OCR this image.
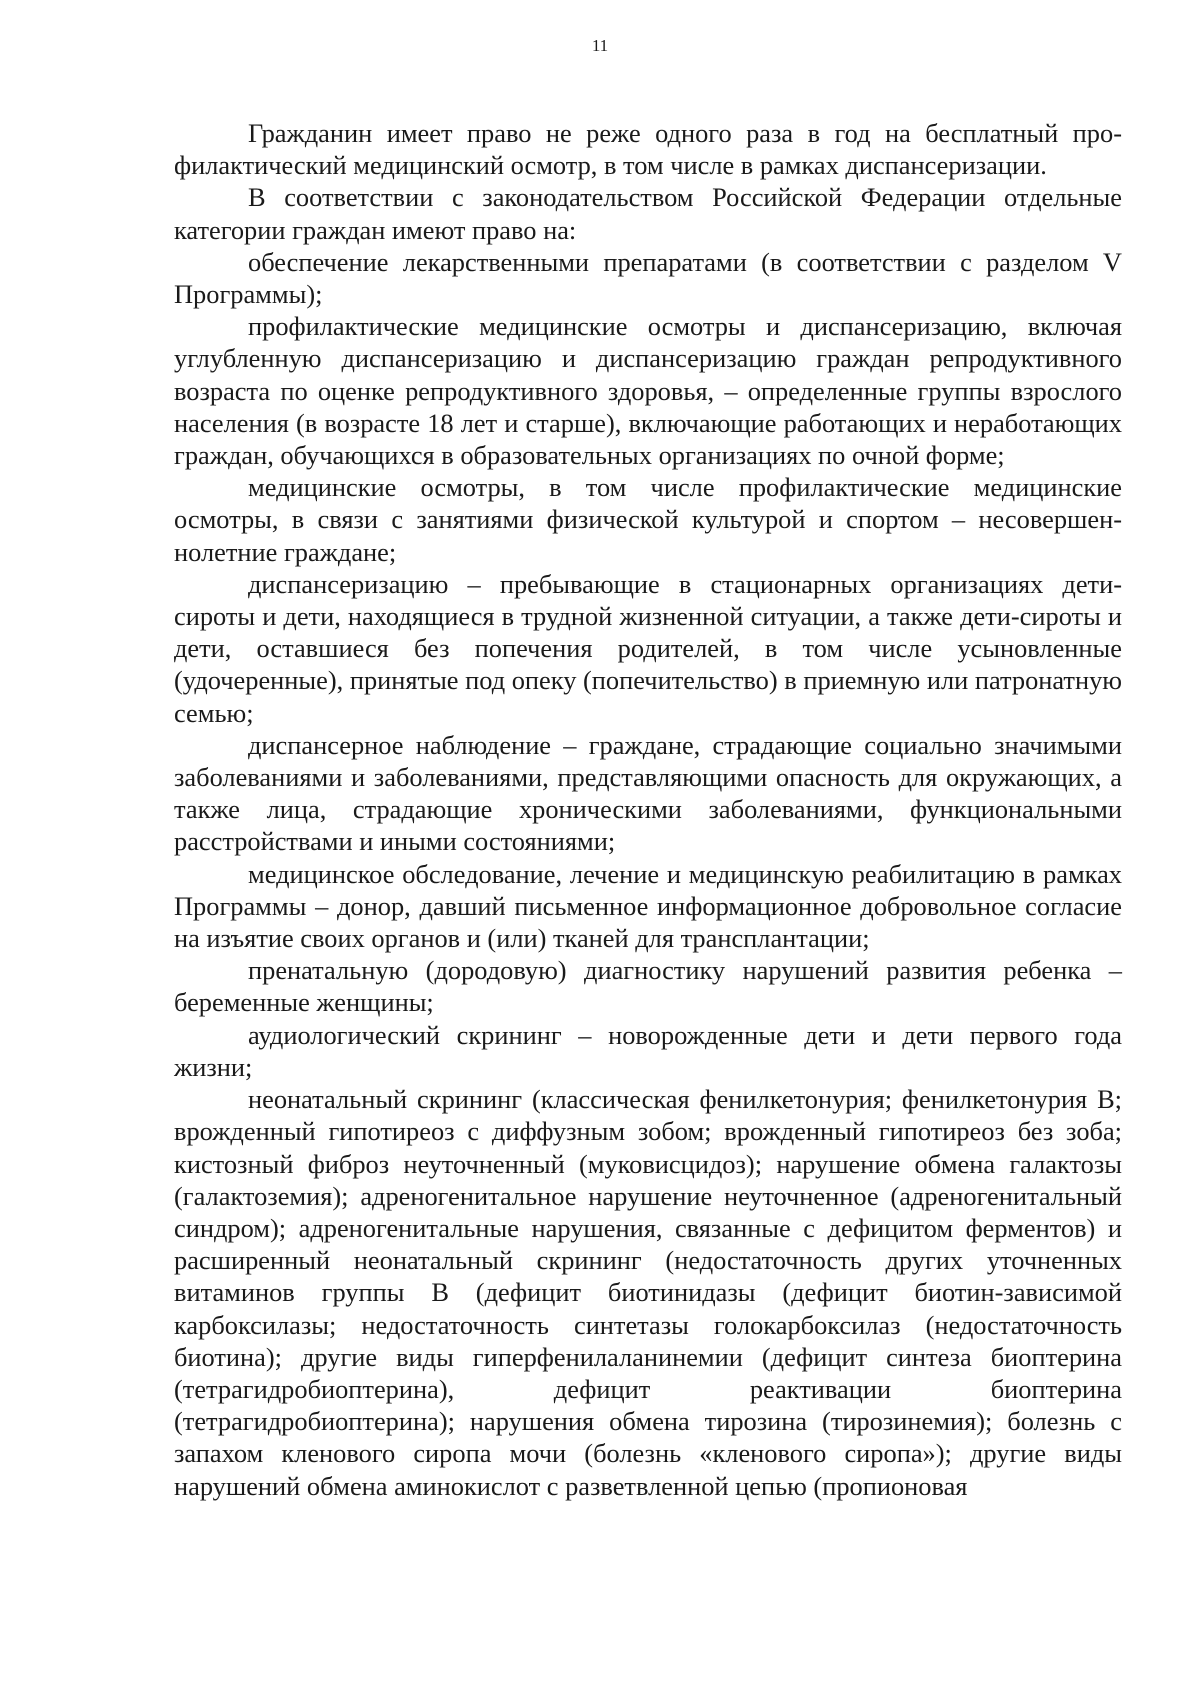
11

Гражданин имеет право не реже одного раза в год на бесплатный профилактический медицинский осмотр, в том числе в рамках диспансеризации.

В соответствии с законодательством Российской Федерации отдельные категории граждан имеют право на:

обеспечение лекарственными препаратами (в соответствии с разделом V Программы);

профилактические медицинские осмотры и диспансеризацию, включая углубленную диспансеризацию и диспансеризацию граждан репродуктивного возраста по оценке репродуктивного здоровья, – определенные группы взрослого населения (в возрасте 18 лет и старше), включающие работающих и неработающих граждан, обучающихся в образовательных организациях по очной форме;

медицинские осмотры, в том числе профилактические медицинские осмотры, в связи с занятиями физической культурой и спортом – несовершеннолетние граждане;

диспансеризацию – пребывающие в стационарных организациях дети-сироты и дети, находящиеся в трудной жизненной ситуации, а также дети-сироты и дети, оставшиеся без попечения родителей, в том числе усыновленные (удочеренные), принятые под опеку (попечительство) в приемную или патронатную семью;

диспансерное наблюдение – граждане, страдающие социально значимыми заболеваниями и заболеваниями, представляющими опасность для окружающих, а также лица, страдающие хроническими заболеваниями, функциональными расстройствами и иными состояниями;

медицинское обследование, лечение и медицинскую реабилитацию в рамках Программы – донор, давший письменное информационное добровольное согласие на изъятие своих органов и (или) тканей для трансплантации;

пренатальную (дородовую) диагностику нарушений развития ребенка – беременные женщины;

аудиологический скрининг – новорожденные дети и дети первого года жизни;

неонатальный скрининг (классическая фенилкетонурия; фенилкетонурия B; врожденный гипотиреоз с диффузным зобом; врожденный гипотиреоз без зоба; кистозный фиброз неуточненный (муковисцидоз); нарушение обмена галактозы (галактоземия); адреногенитальное нарушение неуточненное (адреногенитальный синдром); адреногенитальные нарушения, связанные с дефицитом ферментов) и расширенный неонатальный скрининг (недостаточность других уточненных витаминов группы B (дефицит биотинидазы (дефицит биотин-зависимой карбоксилазы; недостаточность синтетазы голокарбоксилаз (недостаточность биотина); другие виды гиперфенилаланинемии (дефицит синтеза биоптерина (тетрагидробиоптерина), дефицит реактивации биоптерина (тетрагидробиоптерина); нарушения обмена тирозина (тирозинемия); болезнь с запахом кленового сиропа мочи (болезнь «кленового сиропа»); другие виды нарушений обмена аминокислот с разветвленной цепью (пропионовая
